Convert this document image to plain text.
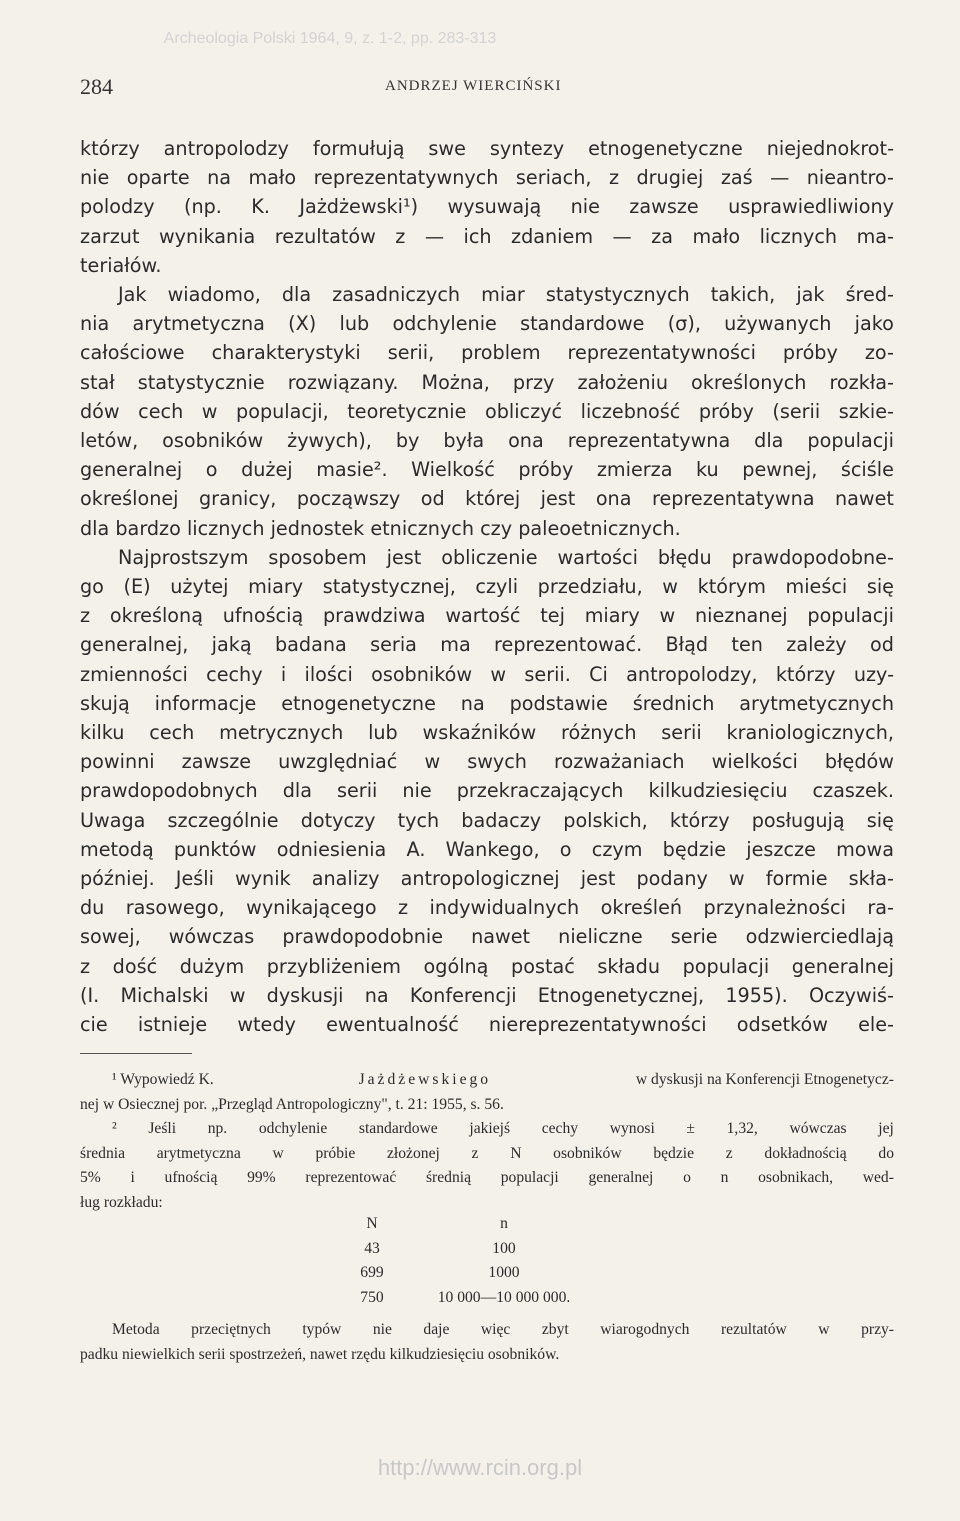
Archeologia Polski 1964, 9, z. 1-2, pp. 283-313
284	ANDRZEJ WIERCIŃSKI
którzy antropolodzy formułują swe syntezy etnogenetyczne niejednokrot-
nie oparte na mało reprezentatywnych seriach, z drugiej zaś — nieantro-
polodzy (np. K. Jażdżewski¹) wysuwają nie zawsze usprawiedliwiony
zarzut wynikania rezultatów z — ich zdaniem — za mało licznych ma-
teriałów.
Jak wiadomo, dla zasadniczych miar statystycznych takich, jak śred-
nia arytmetyczna (X) lub odchylenie standardowe (σ), używanych jako
całościowe charakterystyki serii, problem reprezentatywności próby zo-
stał statystycznie rozwiązany. Można, przy założeniu określonych rozkła-
dów cech w populacji, teoretycznie obliczyć liczebność próby (serii szkie-
letów, osobników żywych), by była ona reprezentatywna dla populacji
generalnej o dużej masie². Wielkość próby zmierza ku pewnej, ściśle
określonej granicy, począwszy od której jest ona reprezentatywna nawet
dla bardzo licznych jednostek etnicznych czy paleoetnicznych.
Najprostszym sposobem jest obliczenie wartości błędu prawdopodobne-
go (E) użytej miary statystycznej, czyli przedziału, w którym mieści się
z określoną ufnością prawdziwa wartość tej miary w nieznanej populacji
generalnej, jaką badana seria ma reprezentować. Błąd ten zależy od
zmienności cechy i ilości osobników w serii. Ci antropolodzy, którzy uzy-
skują informacje etnogenetyczne na podstawie średnich arytmetycznych
kilku cech metrycznych lub wskaźników różnych serii kraniologicznych,
powinni zawsze uwzględniać w swych rozważaniach wielkości błędów
prawdopodobnych dla serii nie przekraczających kilkudziesięciu czaszek.
Uwaga szczególnie dotyczy tych badaczy polskich, którzy posługują się
metodą punktów odniesienia A. Wankego, o czym będzie jeszcze mowa
później. Jeśli wynik analizy antropologicznej jest podany w formie skła-
du rasowego, wynikającego z indywidualnych określeń przynależności ra-
sowej, wówczas prawdopodobnie nawet nieliczne serie odzwierciedlają
z dość dużym przybliżeniem ogólną postać składu populacji generalnej
(I. Michalski w dyskusji na Konferencji Etnogenetycznej, 1955). Oczywiś-
cie istnieje wtedy ewentualność niereprezentatywności odsetków ele-
¹ Wypowiedź K.	Jażdżewskiego	w dyskusji na Konferencji Etnogenetycz-
nej w Osiecznej por. „Przegląd Antropologiczny", t. 21: 1955, s. 56.
² Jeśli np. odchylenie standardowe jakiejś cechy wynosi ± 1,32, wówczas jej
średnia arytmetyczna w próbie złożonej z N osobników będzie z dokładnością do
5% i ufnością 99% reprezentować średnią populacji generalnej o n osobnikach, wed-
ług rozkładu:
N	n
43	100
699	1000
750	10 000—10 000 000.
Metoda przeciętnych typów nie daje więc zbyt wiarogodnych rezultatów w przy-
padku niewielkich serii spostrzeżeń, nawet rzędu kilkudziesięciu osobników.
http://www.rcin.org.pl
